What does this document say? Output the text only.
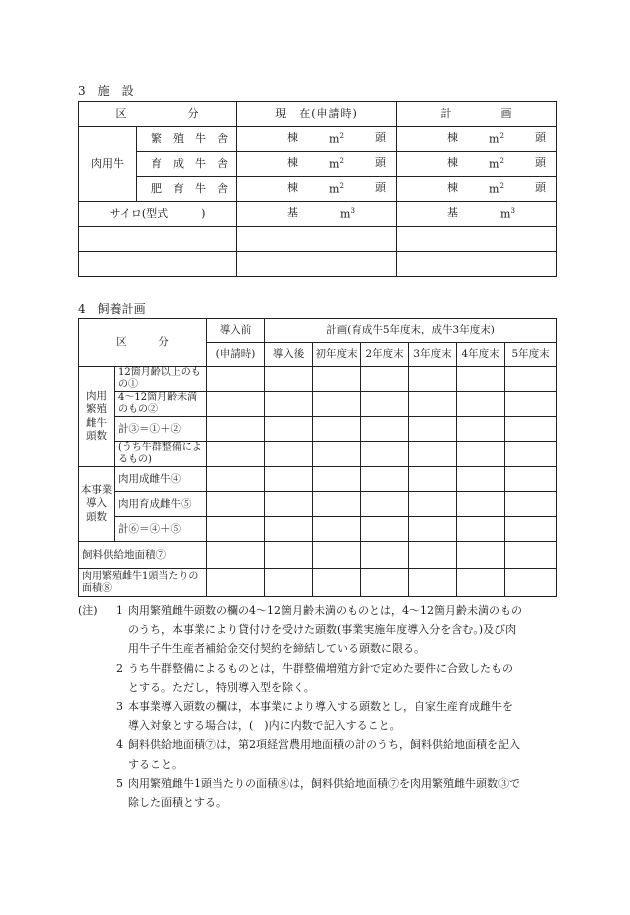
3　施　設
区　　　　　分		現　在(申請時)	計　　　　画
肉用牛	繁 殖 牛 舎	棟 $m^2$ 頭	棟 $m^2$ 頭

	育 成 牛 舎	棟 $m^2$ 頭	棟 $m^2$ 頭

	肥 育 牛 舎	棟 $m^2$ 頭	棟 $m^2$ 頭

サイロ(型式　　　)		基 $m^3$	基 $m^3$

4　飼養計画
区　　　分		導入前	計画(育成牛5年度末，成牛3年度末)					
		(申請時)	導入後	初年度末	2年度末	3年度末	4年度末	5年度末

肉用
繁殖
雌牛
頭数	12箇月齢以上のもの①							
	4～12箇月齢未満のもの②							
	計③＝①＋②							
	(うち牛群整備によるもの)							

本事業
導入
頭数	肉用成雌牛④							
	肉用育成雌牛⑤							
	計⑥＝④＋⑤							
飼料供給地面積⑦								
肉用繁殖雌牛1頭当たりの面積⑧								
(注) 1 肉用繁殖雌牛頭数の欄の4～12箇月齢未満のものとは，4～12箇月齢未満のもの
のうち，本事業により貸付けを受けた頭数(事業実施年度導入分を含む。)及び肉
用牛子牛生産者補給金交付契約を締結している頭数に限る。
2 うち牛群整備によるものとは，牛群整備増殖方針で定めた要件に合致したもの
とする。ただし，特別導入型を除く。
3 本事業導入頭数の欄は，本事業により導入する頭数とし，自家生産育成雌牛を
導入対象とする場合は，(　)内に内数で記入すること。
4 飼料供給地面積⑦は，第2項経営農用地面積の計のうち，飼料供給地面積を記入
すること。
5 肉用繁殖雌牛1頭当たりの面積⑧は，飼料供給地面積⑦を肉用繁殖雌牛頭数③で
除した面積とする。
